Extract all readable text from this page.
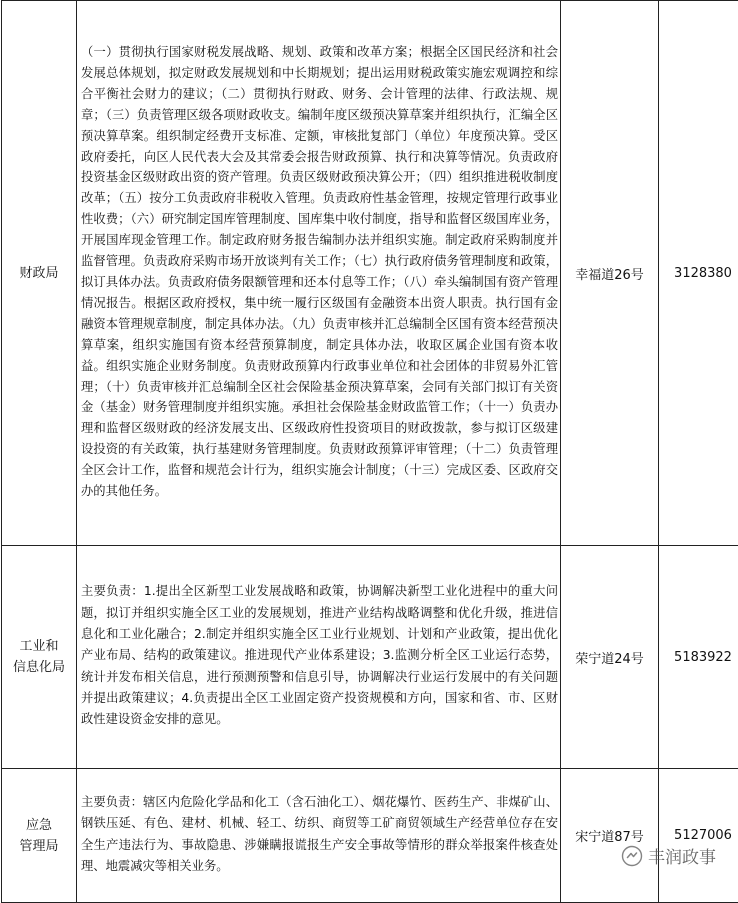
财政局	（一）贯彻执行国家财税发展战略、规划、政策和改革方案；根据全区国民经济和社会发展总体规划，拟定财政发展规划和中长期规划；提出运用财税政策实施宏观调控和综合平衡社会财力的建议；（二）贯彻执行财政、财务、会计管理的法律、行政法规、规章；（三）负责管理区级各项财政收支。编制年度区级预决算草案并组织执行，汇编全区预决算草案。组织制定经费开支标准、定额，审核批复部门（单位）年度预决算。受区政府委托，向区人民代表大会及其常委会报告财政预算、执行和决算等情况。负责政府投资基金区级财政出资的资产管理。负责区级财政预决算公开；（四）组织推进税收制度改革；（五）按分工负责政府非税收入管理。负责政府性基金管理，按规定管理行政事业性收费；（六）研究制定国库管理制度、国库集中收付制度，指导和监督区级国库业务，开展国库现金管理工作。制定政府财务报告编制办法并组织实施。制定政府采购制度并监督管理。负责政府采购市场开放谈判有关工作；（七）执行政府债务管理制度和政策，拟订具体办法。负责政府债务限额管理和还本付息等工作；（八）牵头编制国有资产管理情况报告。根据区政府授权，集中统一履行区级国有金融资本出资人职责。执行国有金融资本管理规章制度，制定具体办法。（九）负责审核并汇总编制全区国有资本经营预决算草案，组织实施国有资本经营预算制度，制定具体办法，收取区属企业国有资本收益。组织实施企业财务制度。负责财政预算内行政事业单位和社会团体的非贸易外汇管理；（十）负责审核并汇总编制全区社会保险基金预决算草案，会同有关部门拟订有关资金（基金）财务管理制度并组织实施。承担社会保险基金财政监管工作；（十一）负责办理和监督区级财政的经济发展支出、区级政府性投资项目的财政拨款，参与拟订区级建设投资的有关政策，执行基建财务管理制度。负责财政预算评审管理；（十二）负责管理全区会计工作，监督和规范会计行为，组织实施会计制度；（十三）完成区委、区政府交办的其他任务。	幸福道26号	3128380
工业和
信息化局	主要负责：1.提出全区新型工业发展战略和政策，协调解决新型工业化进程中的重大问题，拟订并组织实施全区工业的发展规划，推进产业结构战略调整和优化升级，推进信息化和工业化融合；2.制定并组织实施全区工业行业规划、计划和产业政策，提出优化产业布局、结构的政策建议。推进现代产业体系建设；3.监测分析全区工业运行态势，统计并发布相关信息，进行预测预警和信息引导，协调解决行业运行发展中的有关问题并提出政策建议；4.负责提出全区工业固定资产投资规模和方向，国家和省、市、区财政性建设资金安排的意见。	荣宁道24号	5183922
应急
管理局	主要负责：辖区内危险化学品和化工（含石油化工）、烟花爆竹、医药生产、非煤矿山、钢铁压延、有色、建材、机械、轻工、纺织、商贸等工矿商贸领域生产经营单位存在安全生产违法行为、事故隐患、涉嫌瞒报谎报生产安全事故等情形的群众举报案件核查处理、地震减灾等相关业务。	宋宁道87号	5127006
丰润政事
